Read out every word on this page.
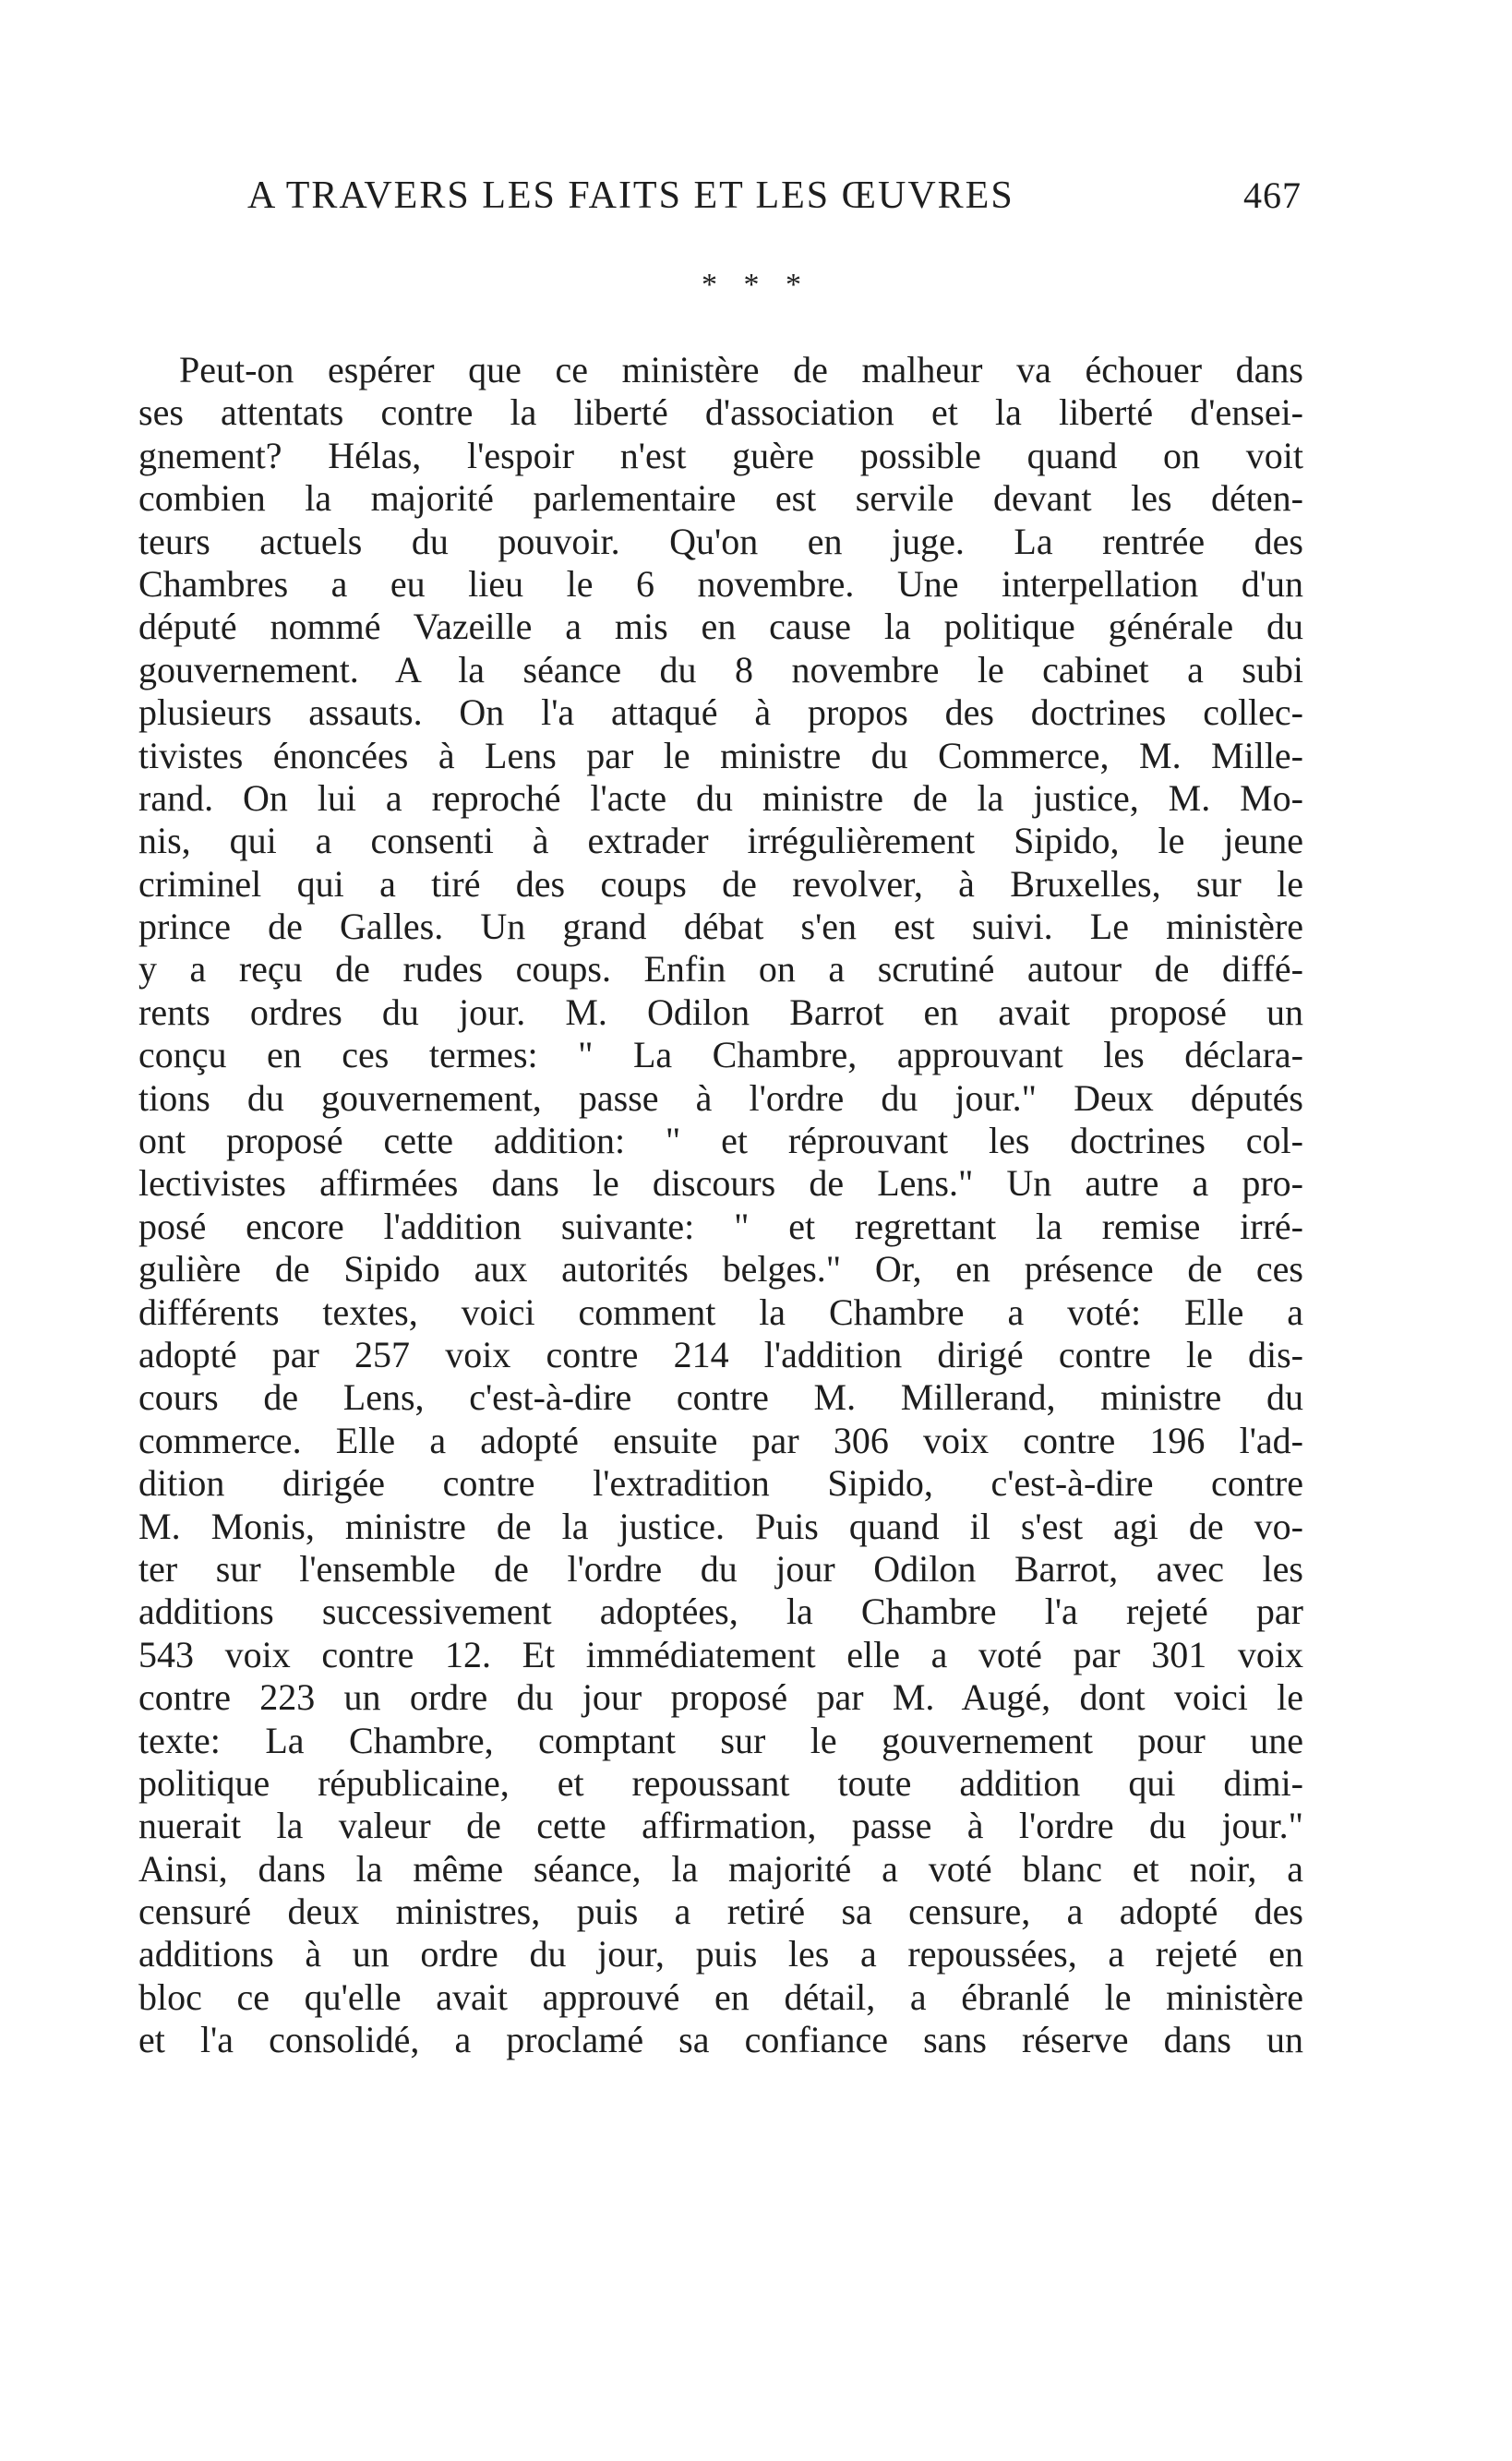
A TRAVERS LES FAITS ET LES ŒUVRES	467
* * *
Peut-on espérer que ce ministère de malheur va échouer dans
ses attentats contre la liberté d'association et la liberté d'ensei-
gnement? Hélas, l'espoir n'est guère possible quand on voit
combien la majorité parlementaire est servile devant les déten-
teurs actuels du pouvoir. Qu'on en juge. La rentrée des
Chambres a eu lieu le 6 novembre. Une interpellation d'un
député nommé Vazeille a mis en cause la politique générale du
gouvernement. A la séance du 8 novembre le cabinet a subi
plusieurs assauts. On l'a attaqué à propos des doctrines collec-
tivistes énoncées à Lens par le ministre du Commerce, M. Mille-
rand. On lui a reproché l'acte du ministre de la justice, M. Mo-
nis, qui a consenti à extrader irrégulièrement Sipido, le jeune
criminel qui a tiré des coups de revolver, à Bruxelles, sur le
prince de Galles. Un grand débat s'en est suivi. Le ministère
y a reçu de rudes coups. Enfin on a scrutiné autour de diffé-
rents ordres du jour. M. Odilon Barrot en avait proposé un
conçu en ces termes: " La Chambre, approuvant les déclara-
tions du gouvernement, passe à l'ordre du jour." Deux députés
ont proposé cette addition: " et réprouvant les doctrines col-
lectivistes affirmées dans le discours de Lens." Un autre a pro-
posé encore l'addition suivante: " et regrettant la remise irré-
gulière de Sipido aux autorités belges." Or, en présence de ces
différents textes, voici comment la Chambre a voté: Elle a
adopté par 257 voix contre 214 l'addition dirigé contre le dis-
cours de Lens, c'est-à-dire contre M. Millerand, ministre du
commerce. Elle a adopté ensuite par 306 voix contre 196 l'ad-
dition dirigée contre l'extradition Sipido, c'est-à-dire contre
M. Monis, ministre de la justice. Puis quand il s'est agi de vo-
ter sur l'ensemble de l'ordre du jour Odilon Barrot, avec les
additions successivement adoptées, la Chambre l'a rejeté par
543 voix contre 12. Et immédiatement elle a voté par 301 voix
contre 223 un ordre du jour proposé par M. Augé, dont voici le
texte: La Chambre, comptant sur le gouvernement pour une
politique républicaine, et repoussant toute addition qui dimi-
nuerait la valeur de cette affirmation, passe à l'ordre du jour."
Ainsi, dans la même séance, la majorité a voté blanc et noir, a
censuré deux ministres, puis a retiré sa censure, a adopté des
additions à un ordre du jour, puis les a repoussées, a rejeté en
bloc ce qu'elle avait approuvé en détail, a ébranlé le ministère
et l'a consolidé, a proclamé sa confiance sans réserve dans un
